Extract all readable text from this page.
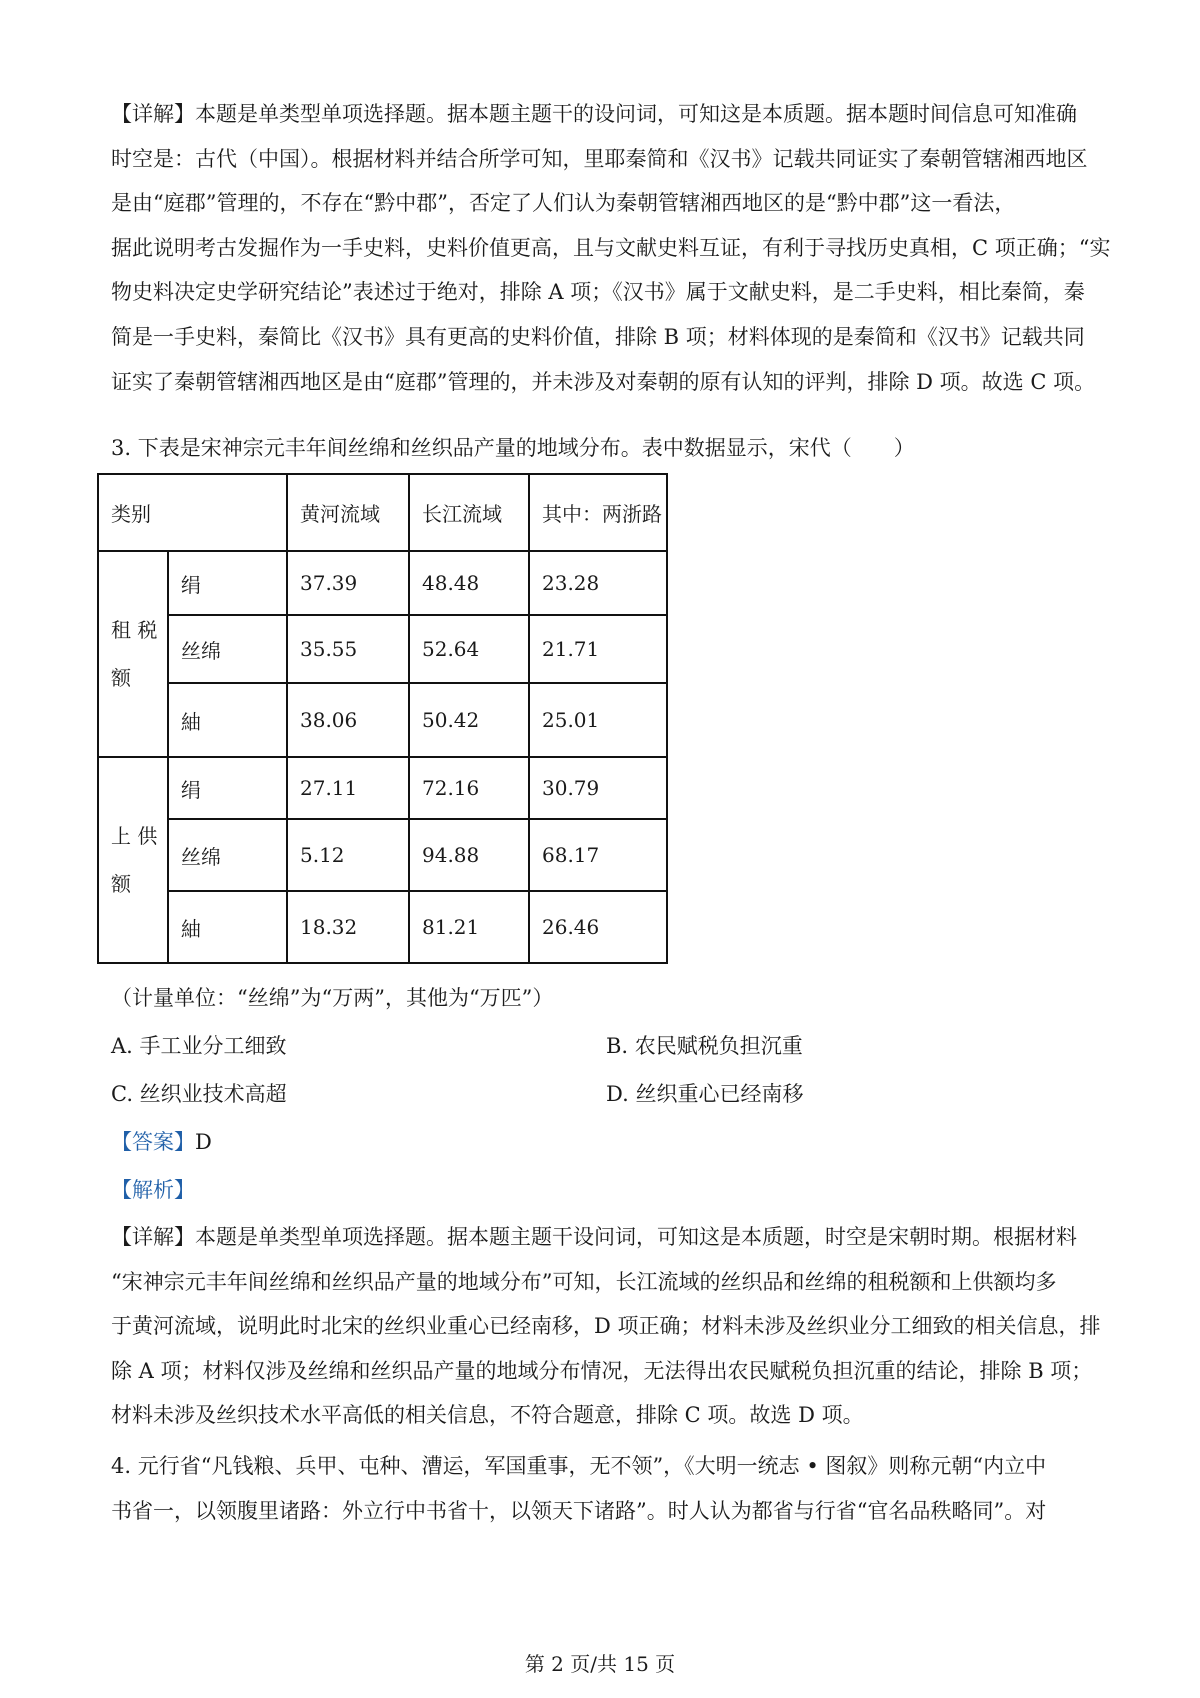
【详解】本题是单类型单项选择题。据本题主题干的设问词，可知这是本质题。据本题时间信息可知准确
时空是：古代（中国）。根据材料并结合所学可知，里耶秦简和《汉书》记载共同证实了秦朝管辖湘西地区
是由“庭郡”管理的，不存在“黔中郡”，否定了人们认为秦朝管辖湘西地区的是“黔中郡”这一看法，
据此说明考古发掘作为一手史料，史料价值更高，且与文献史料互证，有利于寻找历史真相，C 项正确；“实
物史料决定史学研究结论”表述过于绝对，排除 A 项；《汉书》属于文献史料，是二手史料，相比秦简，秦
简是一手史料，秦简比《汉书》具有更高的史料价值，排除 B 项；材料体现的是秦简和《汉书》记载共同
证实了秦朝管辖湘西地区是由“庭郡”管理的，并未涉及对秦朝的原有认知的评判，排除 D 项。故选 C 项。
3. 下表是宋神宗元丰年间丝绵和丝织品产量的地域分布。表中数据显示，宋代（　　）
类别		黄河流域	长江流域	其中：两浙路

租 税
额	绢	37.39	48.48	23.28
	丝绵	35.55	52.64	21.71
	紬	38.06	50.42	25.01

上 供
额	绢	27.11	72.16	30.79
	丝绵	5.12	94.88	68.17
	紬	18.32	81.21	26.46
（计量单位：“丝绵”为“万两”，其他为“万匹”）
A. 手工业分工细致	B. 农民赋税负担沉重
C. 丝织业技术高超	D. 丝织重心已经南移
【答案】D
【解析】
【详解】本题是单类型单项选择题。据本题主题干设问词，可知这是本质题，时空是宋朝时期。根据材料
“宋神宗元丰年间丝绵和丝织品产量的地域分布”可知，长江流域的丝织品和丝绵的租税额和上供额均多
于黄河流域，说明此时北宋的丝织业重心已经南移，D 项正确；材料未涉及丝织业分工细致的相关信息，排
除 A 项；材料仅涉及丝绵和丝织品产量的地域分布情况，无法得出农民赋税负担沉重的结论，排除 B 项；
材料未涉及丝织技术水平高低的相关信息，不符合题意，排除 C 项。故选 D 项。
4. 元行省“凡钱粮、兵甲、屯种、漕运，军国重事，无不领”，《大明一统志 • 图叙》则称元朝“内立中
书省一，以领腹里诸路：外立行中书省十，以领天下诸路”。时人认为都省与行省“官名品秩略同”。对
第 2 页/共 15 页
